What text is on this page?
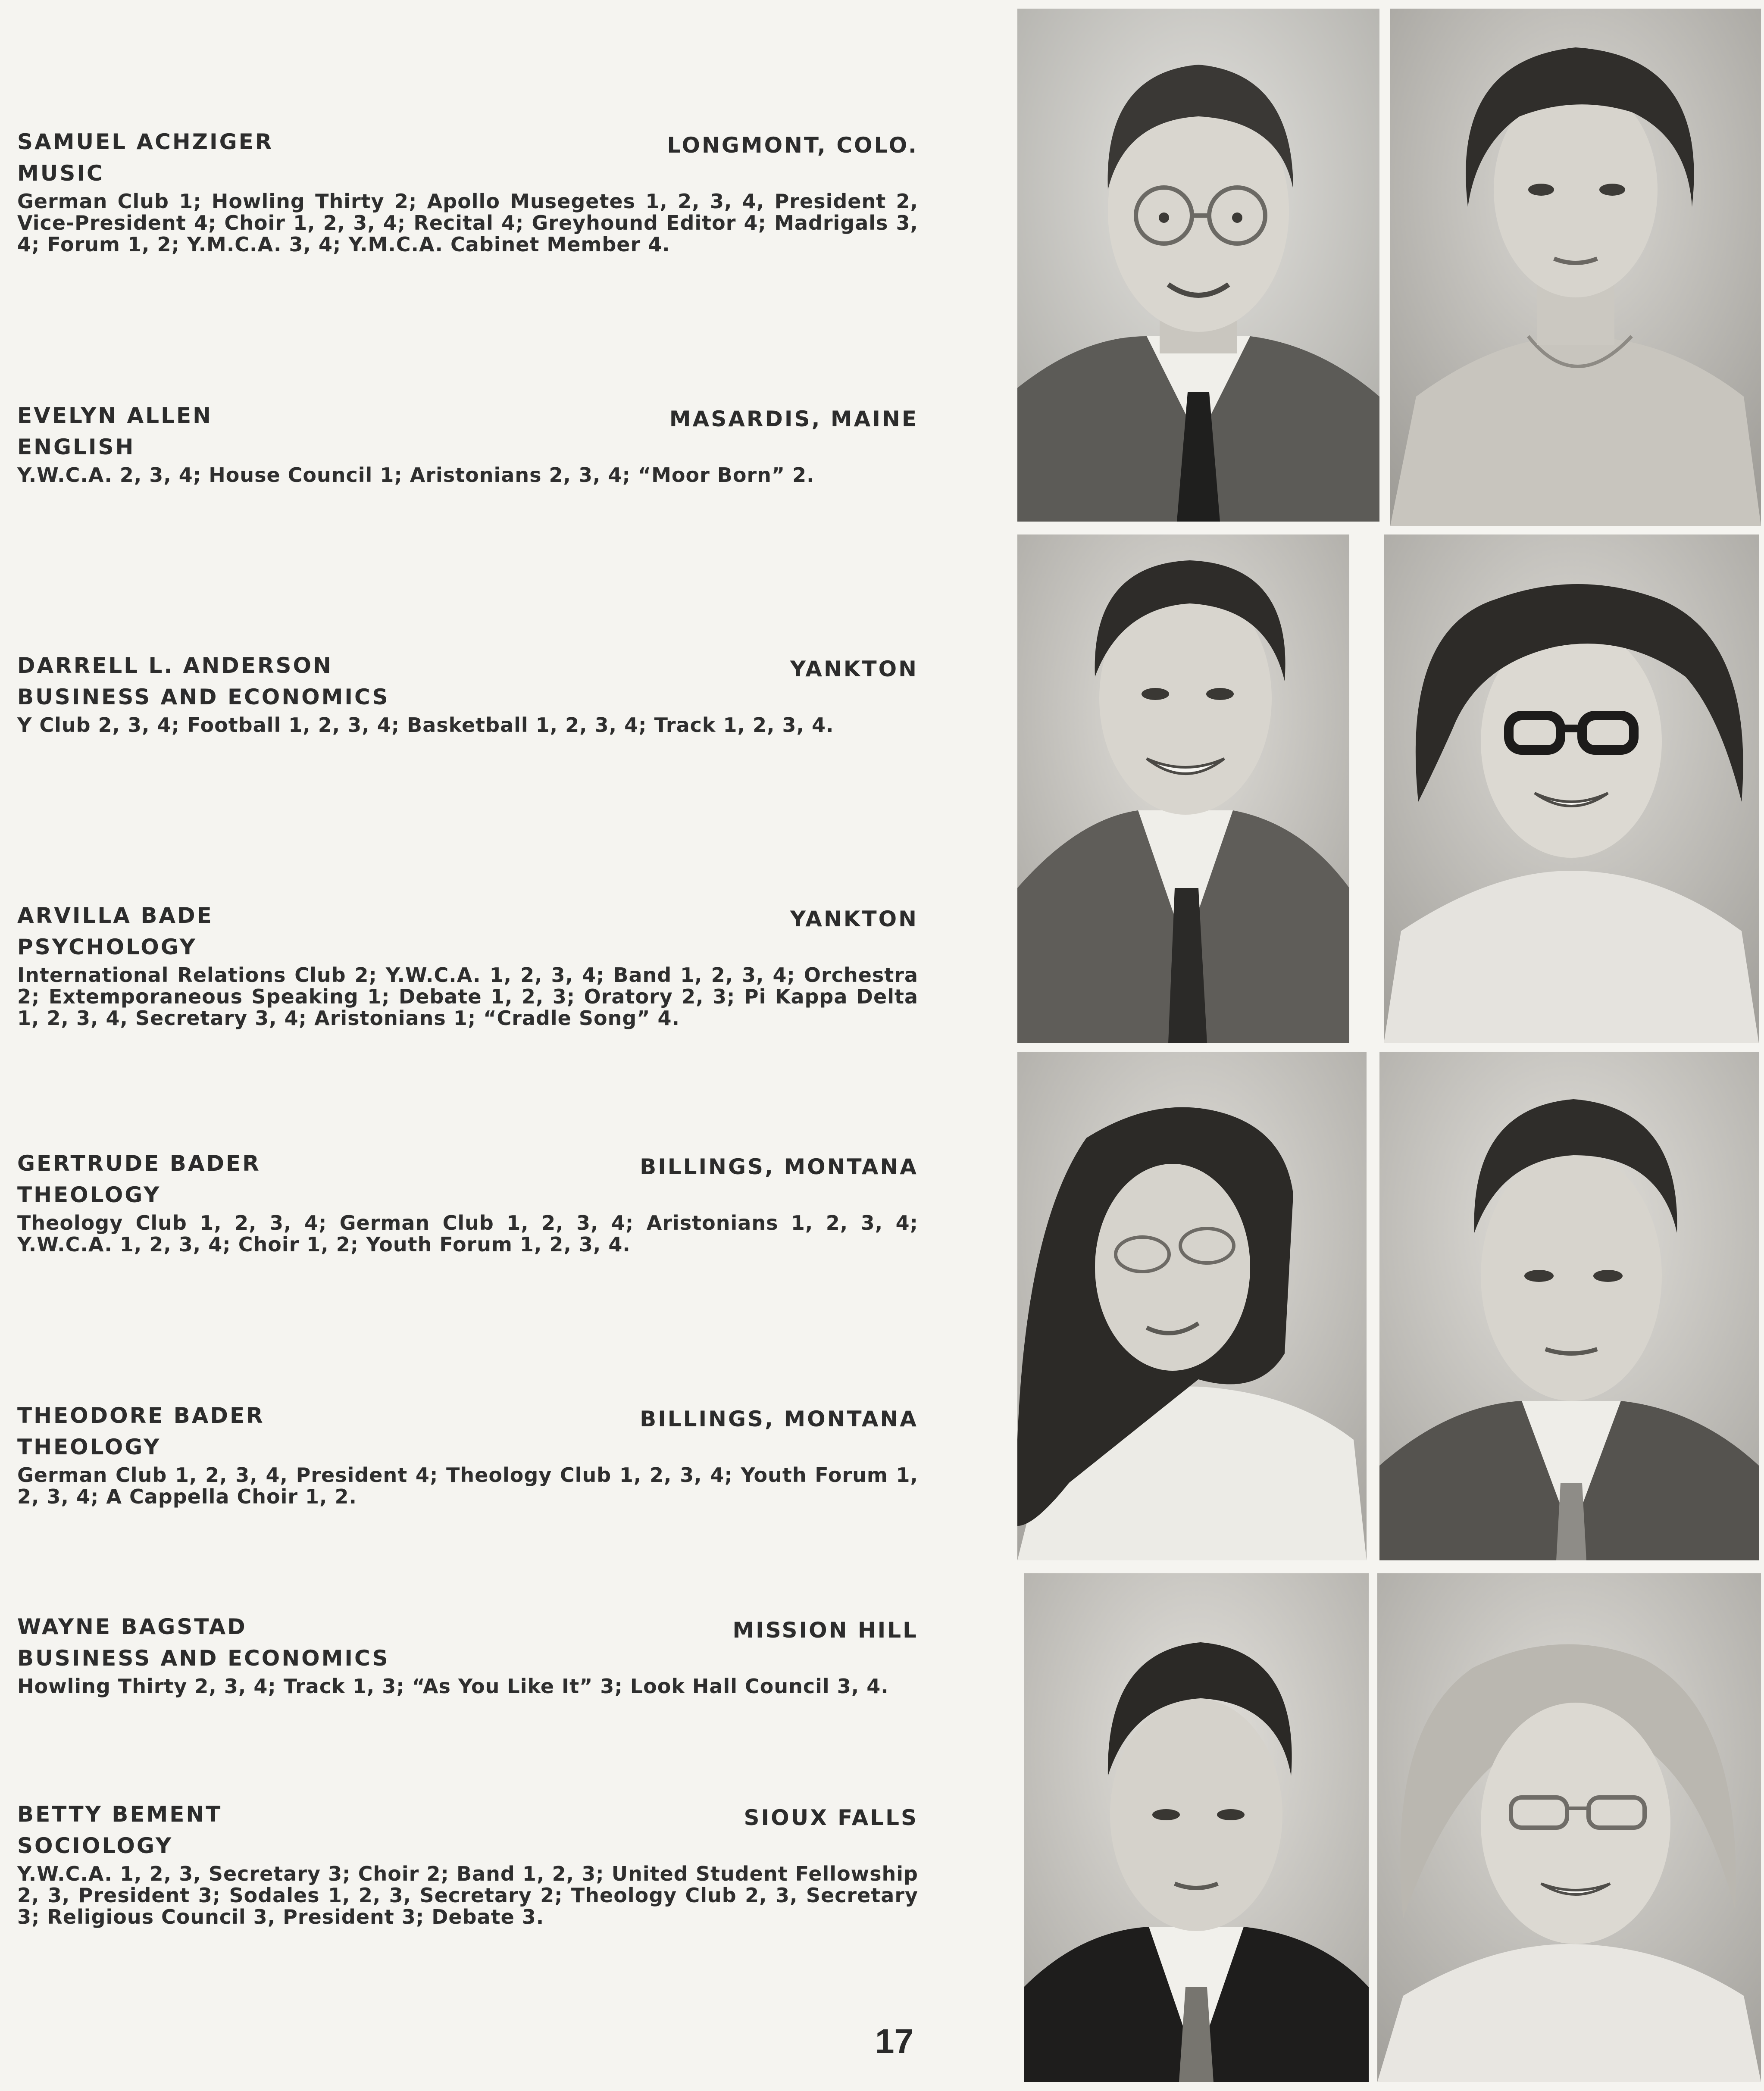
SAMUEL ACHZIGER	LONGMONT, COLO.
MUSIC
German Club 1; Howling Thirty 2; Apollo Musegetes 1, 2, 3, 4, President 2, Vice-President 4; Choir 1, 2, 3, 4; Recital 4; Greyhound Editor 4; Madrigals 3, 4; Forum 1, 2; Y.M.C.A. 3, 4; Y.M.C.A. Cabinet Member 4.
EVELYN ALLEN	MASARDIS, MAINE
ENGLISH
Y.W.C.A. 2, 3, 4; House Council 1; Aristonians 2, 3, 4; “Moor Born” 2.
DARRELL L. ANDERSON	YANKTON
BUSINESS AND ECONOMICS
Y Club 2, 3, 4; Football 1, 2, 3, 4; Basketball 1, 2, 3, 4; Track 1, 2, 3, 4.
ARVILLA BADE	YANKTON
PSYCHOLOGY
International Relations Club 2; Y.W.C.A. 1, 2, 3, 4; Band 1, 2, 3, 4; Orchestra 2; Extemporaneous Speaking 1; Debate 1, 2, 3; Oratory 2, 3; Pi Kappa Delta 1, 2, 3, 4, Secretary 3, 4; Aristonians 1; “Cradle Song” 4.
GERTRUDE BADER	BILLINGS, MONTANA
THEOLOGY
Theology Club 1, 2, 3, 4; German Club 1, 2, 3, 4; Aristonians 1, 2, 3, 4; Y.W.C.A. 1, 2, 3, 4; Choir 1, 2; Youth Forum 1, 2, 3, 4.
THEODORE BADER	BILLINGS, MONTANA
THEOLOGY
German Club 1, 2, 3, 4, President 4; Theology Club 1, 2, 3, 4; Youth Forum 1, 2, 3, 4; A Cappella Choir 1, 2.
WAYNE BAGSTAD	MISSION HILL
BUSINESS AND ECONOMICS
Howling Thirty 2, 3, 4; Track 1, 3; “As You Like It” 3; Look Hall Council 3, 4.
BETTY BEMENT	SIOUX FALLS
SOCIOLOGY
Y.W.C.A. 1, 2, 3, Secretary 3; Choir 2; Band 1, 2, 3; United Student Fellowship 2, 3, President 3; Sodales 1, 2, 3, Secretary 2; Theology Club 2, 3, Secretary 3; Religious Council 3, President 3; Debate 3.
17
